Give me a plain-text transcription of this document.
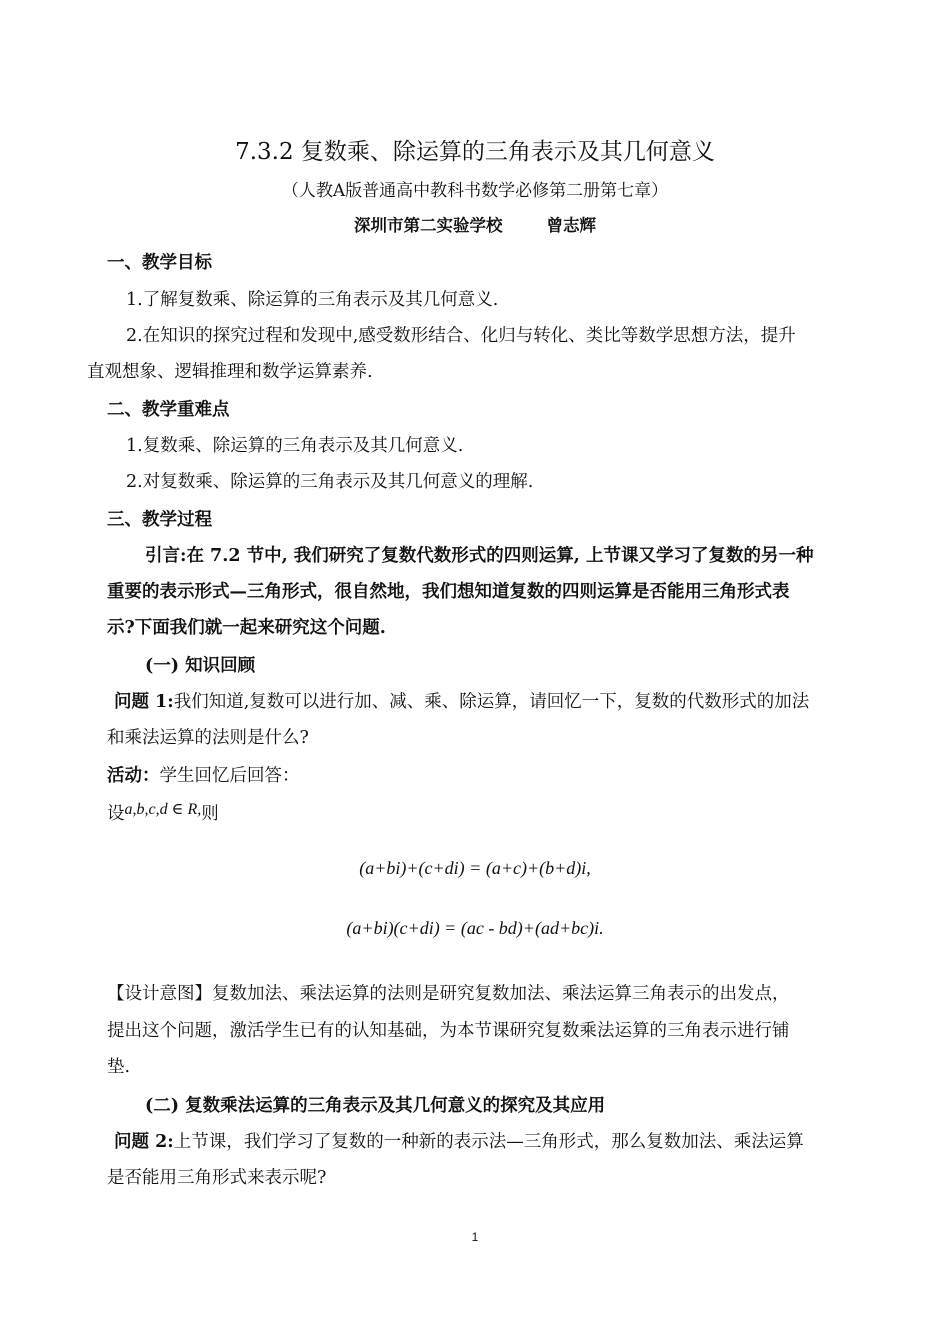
7.3.2 复数乘、除运算的三角表示及其几何意义
（人教A版普通高中教科书数学必修第二册第七章）
深圳市第二实验学校	曾志辉
一、教学目标
1.了解复数乘、除运算的三角表示及其几何意义.
2.在知识的探究过程和发现中,感受数形结合、化归与转化、类比等数学思想方法，提升
直观想象、逻辑推理和数学运算素养.
二、教学重难点
1.复数乘、除运算的三角表示及其几何意义.
2.对复数乘、除运算的三角表示及其几何意义的理解.
三、教学过程
引言:在 7.2 节中, 我们研究了复数代数形式的四则运算, 上节课又学习了复数的另一种
重要的表示形式—三角形式，很自然地，我们想知道复数的四则运算是否能用三角形式表
示?下面我们就一起来研究这个问题.
(一) 知识回顾
问题 1:我们知道,复数可以进行加、减、乘、除运算，请回忆一下，复数的代数形式的加法
和乘法运算的法则是什么?
活动：学生回忆后回答：
设a,b,c,d ∈ R,则
(a+bi)+(c+di) = (a+c)+(b+d)i,
(a+bi)(c+di) = (ac - bd)+(ad+bc)i.
【设计意图】复数加法、乘法运算的法则是研究复数加法、乘法运算三角表示的出发点，
提出这个问题，激活学生已有的认知基础，为本节课研究复数乘法运算的三角表示进行铺
垫.
(二) 复数乘法运算的三角表示及其几何意义的探究及其应用
问题 2:上节课，我们学习了复数的一种新的表示法—三角形式，那么复数加法、乘法运算
是否能用三角形式来表示呢?
1
